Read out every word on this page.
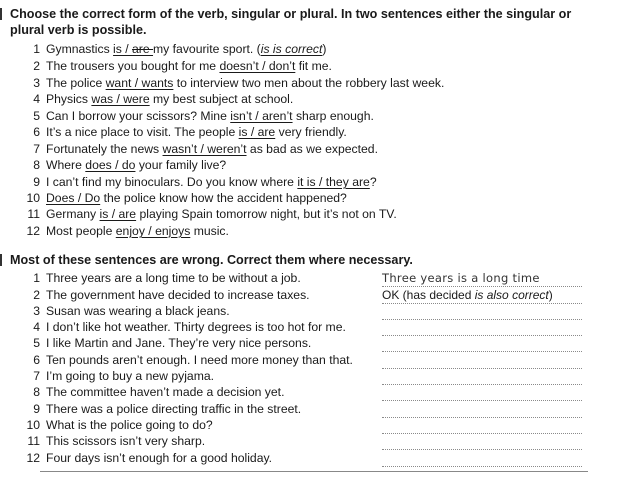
Choose the correct form of the verb, singular or plural. In two sentences either the singular or
plural verb is possible.
1 Gymnastics is / are my favourite sport. (is is correct)
2 The trousers you bought for me doesn’t / don’t fit me.
3 The police want / wants to interview two men about the robbery last week.
4 Physics was / were my best subject at school.
5 Can I borrow your scissors? Mine isn’t / aren’t sharp enough.
6 It’s a nice place to visit. The people is / are very friendly.
7 Fortunately the news wasn’t / weren’t as bad as we expected.
8 Where does / do your family live?
9 I can’t find my binoculars. Do you know where it is / they are?
10 Does / Do the police know how the accident happened?
11 Germany is / are playing Spain tomorrow night, but it’s not on TV.
12 Most people enjoy / enjoys music.
Most of these sentences are wrong. Correct them where necessary.
1 Three years are a long time to be without a job.	Three years is a long time
2 The government have decided to increase taxes.	OK (has decided is also correct)
3 Susan was wearing a black jeans.
4 I don’t like hot weather. Thirty degrees is too hot for me.
5 I like Martin and Jane. They’re very nice persons.
6 Ten pounds aren’t enough. I need more money than that.
7 I’m going to buy a new pyjama.
8 The committee haven’t made a decision yet.
9 There was a police directing traffic in the street.
10 What is the police going to do?
11 This scissors isn’t very sharp.
12 Four days isn’t enough for a good holiday.
